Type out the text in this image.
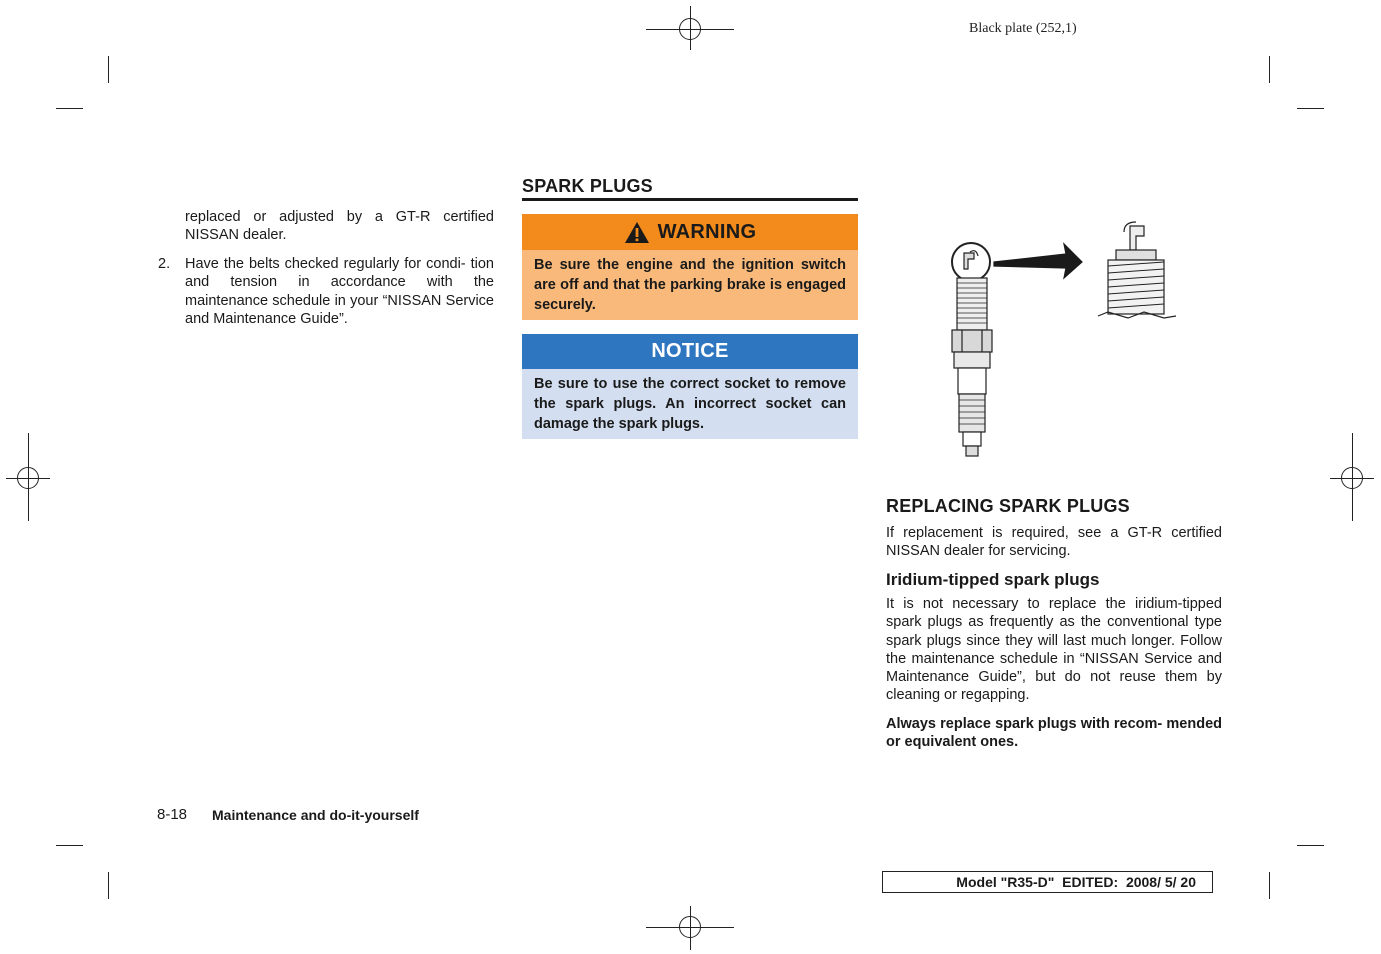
Black plate (252,1)
replaced or adjusted by a GT-R certified NISSAN dealer.
2. Have the belts checked regularly for condi- tion and tension in accordance with the maintenance schedule in your “NISSAN Service and Maintenance Guide”.
SPARK PLUGS
WARNING
Be sure the engine and the ignition switch are off and that the parking brake is engaged securely.
NOTICE
Be sure to use the correct socket to remove the spark plugs. An incorrect socket can damage the spark plugs.
REPLACING SPARK PLUGS
If replacement is required, see a GT-R certified NISSAN dealer for servicing.
Iridium-tipped spark plugs
It is not necessary to replace the iridium-tipped spark plugs as frequently as the conventional type spark plugs since they will last much longer. Follow the maintenance schedule in “NISSAN Service and Maintenance Guide”, but do not reuse them by cleaning or regapping.
Always replace spark plugs with recom- mended or equivalent ones.
8-18 Maintenance and do-it-yourself
Model
"R35-D"
EDITED:
2008/ 5/ 20
